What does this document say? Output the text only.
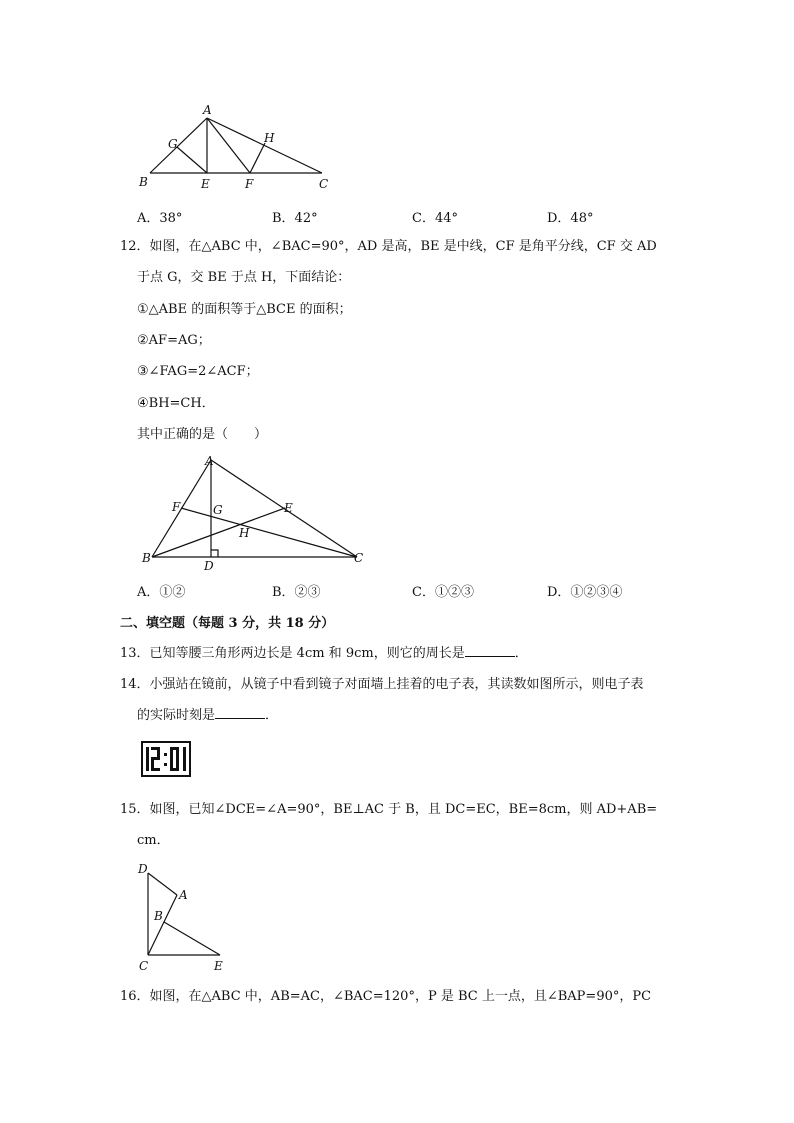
A
G	H
B	E	F	C
A．38°	B．42°	C．44°	D．48°
12．如图，在△ABC 中，∠BAC=90°，AD 是高，BE 是中线，CF 是角平分线，CF 交 AD
于点 G，交 BE 于点 H，下面结论：
①△ABE 的面积等于△BCE 的面积；
②AF=AG；
③∠FAG=2∠ACF；
④BH=CH．
其中正确的是（　　）
A
F	G	E
H
B
D
C
A．①②	B．②③	C．①②③	D．①②③④
二、填空题（每题 3 分，共 18 分）
13．已知等腰三角形两边长是 4cm 和 9cm，则它的周长是	．
14．小强站在镜前，从镜子中看到镜子对面墙上挂着的电子表，其读数如图所示，则电子表
的实际时刻是	．
15．如图，已知∠DCE=∠A=90°，BE⊥AC 于 B，且 DC=EC，BE=8cm，则 AD+AB=
cm．
D
A
B
C	E
16．如图，在△ABC 中，AB=AC，∠BAC=120°，P 是 BC 上一点，且∠BAP=90°，PC
